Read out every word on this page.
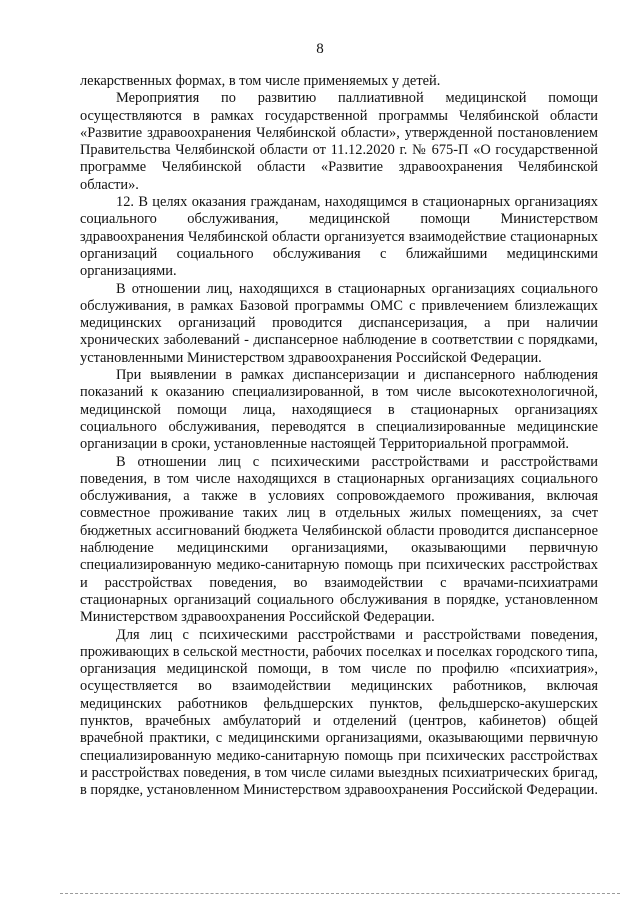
8

лекарственных формах, в том числе применяемых у детей.

Мероприятия по развитию паллиативной медицинской помощи осуществляются в рамках государственной программы Челябинской области «Развитие здравоохранения Челябинской области», утвержденной постановлением Правительства Челябинской области от 11.12.2020 г. № 675-П «О государственной программе Челябинской области «Развитие здравоохранения Челябинской области».

12. В целях оказания гражданам, находящимся в стационарных организациях социального обслуживания, медицинской помощи Министерством здравоохранения Челябинской области организуется взаимодействие стационарных организаций социального обслуживания с ближайшими медицинскими организациями.

В отношении лиц, находящихся в стационарных организациях социального обслуживания, в рамках Базовой программы ОМС с привлечением близлежащих медицинских организаций проводится диспансеризация, а при наличии хронических заболеваний - диспансерное наблюдение в соответствии с порядками, установленными Министерством здравоохранения Российской Федерации.

При выявлении в рамках диспансеризации и диспансерного наблюдения показаний к оказанию специализированной, в том числе высокотехнологичной, медицинской помощи лица, находящиеся в стационарных организациях социального обслуживания, переводятся в специализированные медицинские организации в сроки, установленные настоящей Территориальной программой.

В отношении лиц с психическими расстройствами и расстройствами поведения, в том числе находящихся в стационарных организациях социального обслуживания, а также в условиях сопровождаемого проживания, включая совместное проживание таких лиц в отдельных жилых помещениях, за счет бюджетных ассигнований бюджета Челябинской области проводится диспансерное наблюдение медицинскими организациями, оказывающими первичную специализированную медико-санитарную помощь при психических расстройствах и расстройствах поведения, во взаимодействии с врачами-психиатрами стационарных организаций социального обслуживания в порядке, установленном Министерством здравоохранения Российской Федерации.

Для лиц с психическими расстройствами и расстройствами поведения, проживающих в сельской местности, рабочих поселках и поселках городского типа, организация медицинской помощи, в том числе по профилю «психиатрия», осуществляется во взаимодействии медицинских работников, включая медицинских работников фельдшерских пунктов, фельдшерско-акушерских пунктов, врачебных амбулаторий и отделений (центров, кабинетов) общей врачебной практики, с медицинскими организациями, оказывающими первичную специализированную медико-санитарную помощь при психических расстройствах и расстройствах поведения, в том числе силами выездных психиатрических бригад, в порядке, установленном Министерством здравоохранения Российской Федерации.
